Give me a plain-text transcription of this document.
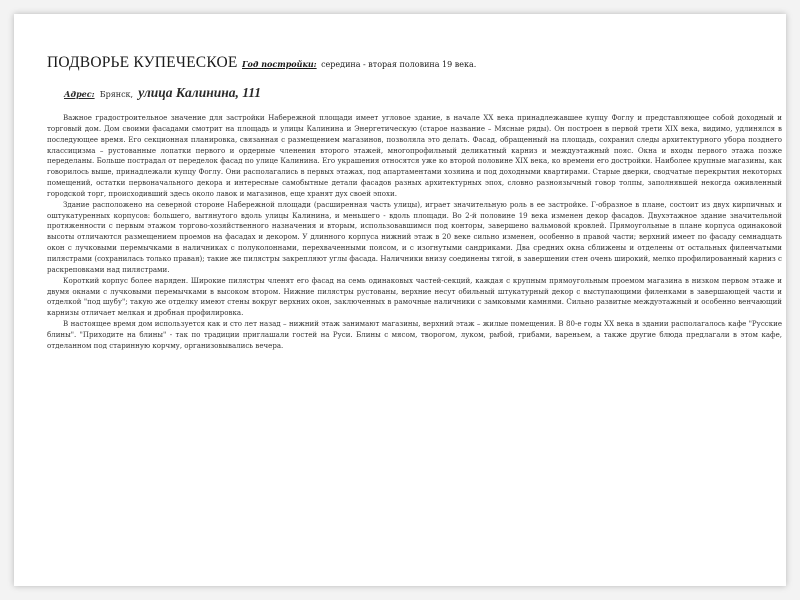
ПОДВОРЬЕ КУПЕЧЕСКОЕ Год постройки: середина - вторая половина 19 века.
Адрес: Брянск, улица Калинина, 111

Важное градостроительное значение для застройки Набережной площади имеет угловое здание, в начале XX века принадлежавшее купцу Фоглу и представляющее собой доходный и торговый дом. Дом своими фасадами смотрит на площадь и улицы Калинина и Энергетическую (старое название – Мясные ряды). Он построен в первой трети XIX века, видимо, удлинялся в последующее время. Его секционная планировка, связанная с размещением магазинов, позволяла это делать. Фасад, обращенный на площадь, сохранил следы архитектурного убора позднего классицизма – рустованные лопатки первого и ордерные членения второго этажей, многопрофильный деликатный карниз и междуэтажный пояс. Окна и входы первого этажа позже переделаны. Больше пострадал от переделок фасад по улице Калинина. Его украшения относятся уже ко второй половине XIX века, ко времени его достройки. Наиболее крупные магазины, как говорилось выше, принадлежали купцу Фоглу. Они располагались в первых этажах, под апартаментами хозяина и под доходными квартирами. Старые дверки, сводчатые перекрытия некоторых помещений, остатки первоначального декора и интересные самобытные детали фасадов разных архитектурных эпох, словно разноязычный говор толпы, заполнявшей некогда оживленный городской торг, происходивший здесь около лавок и магазинов, еще хранят дух своей эпохи.

Здание расположено на северной стороне Набережной площади (расширенная часть улицы), играет значительную роль в ее застройке. Г-образное в плане, состоит из двух кирпичных и оштукатуренных корпусов: большего, вытянутого вдоль улицы Калинина, и меньшего - вдоль площади. Во 2-й половине 19 века изменен декор фасадов. Двухэтажное здание значительной протяженности с первым этажом торгово-хозяйственного назначения и вторым, использовавшимся под конторы, завершено вальмовой кровлей. Прямоугольные в плане корпуса одинаковой высоты отличаются размещением проемов на фасадах и декором. У длинного корпуса нижний этаж в 20 веке сильно изменен, особенно в правой части; верхний имеет по фасаду семнадцать окон с лучковыми перемычками в наличниках с полуколоннами, перехваченными поясом, и с изогнутыми сандриками. Два средних окна сближены и отделены от остальных филенчатыми пилястрами (сохранилась только правая); такие же пилястры закрепляют углы фасада. Наличники внизу соединены тягой, в завершении стен очень широкий, мелко профилированный карниз с раскреповками над пилястрами.

Короткий корпус более наряден. Широкие пилястры членят его фасад на семь одинаковых частей-секций, каждая с крупным прямоугольным проемом магазина в низком первом этаже и двумя окнами с лучковыми перемычками в высоком втором. Нижние пилястры рустованы, верхние несут обильный штукатурный декор с выступающими филенками в завершающей части и отделкой "под шубу"; такую же отделку имеют стены вокруг верхних окон, заключенных в рамочные наличники с замковыми камнями. Сильно развитые междуэтажный и особенно венчающий карнизы отличает мелкая и дробная профилировка.

В настоящее время дом используется как и сто лет назад – нижний этаж занимают магазины, верхний этаж – жилые помещения. В 80-е годы XX века в здании располагалось кафе "Русские блины". "Приходите на блины" - так по традиции приглашали гостей на Руси. Блины с мясом, творогом, луком, рыбой, грибами, вареньем, а также другие блюда предлагали в этом кафе, отделанном под старинную корчму, организовывались вечера.
